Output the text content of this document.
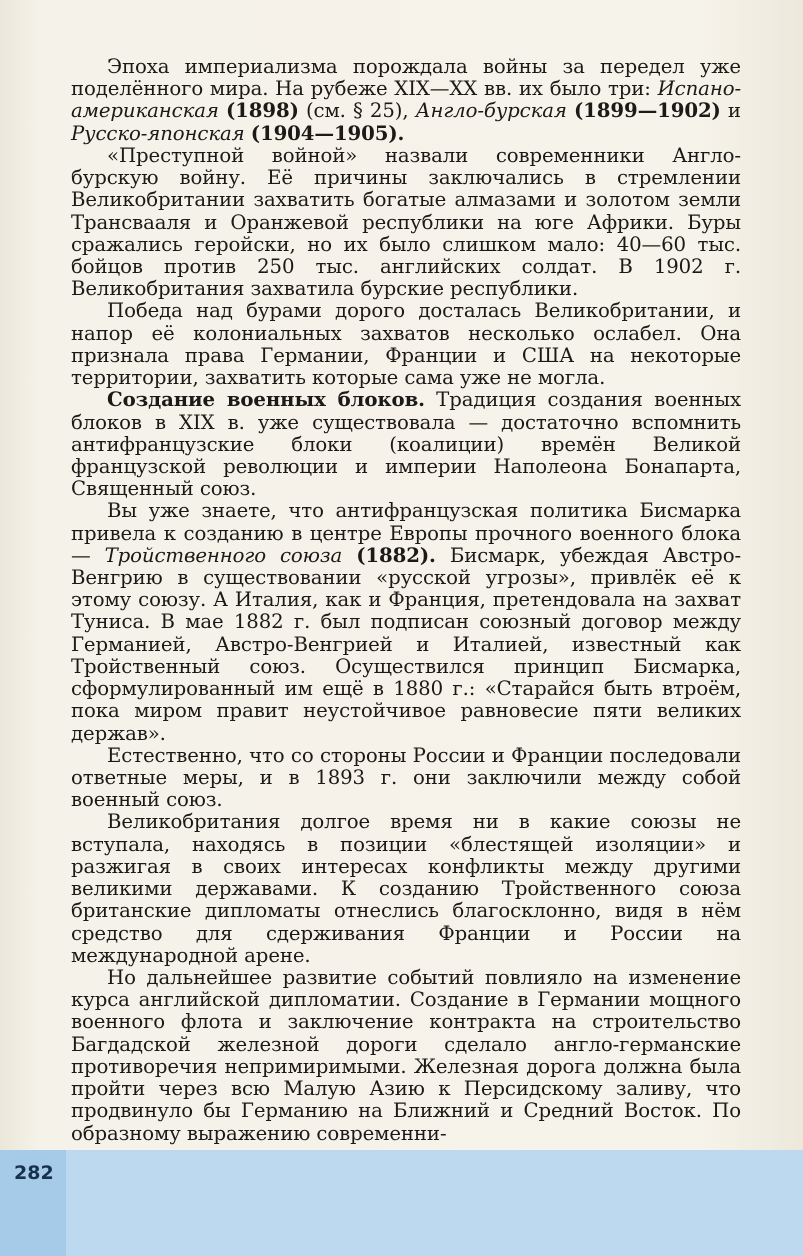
Эпоха империализма порождала войны за передел уже поделённого мира. На рубеже XIX—XX вв. их было три: Испано-американская (1898) (см. § 25), Англо-бурская (1899—1902) и Русско-японская (1904—1905).

«Преступной войной» назвали современники Англо-бурскую войну. Её причины заключались в стремлении Великобритании захватить богатые алмазами и золотом земли Трансвааля и Оранжевой республики на юге Африки. Буры сражались геройски, но их было слишком мало: 40—60 тыс. бойцов против 250 тыс. английских солдат. В 1902 г. Великобритания захватила бурские республики.

Победа над бурами дорого досталась Великобритании, и напор её колониальных захватов несколько ослабел. Она признала права Германии, Франции и США на некоторые территории, захватить которые сама уже не могла.

Создание военных блоков. Традиция создания военных блоков в XIX в. уже существовала — достаточно вспомнить антифранцузские блоки (коалиции) времён Великой французской революции и империи Наполеона Бонапарта, Священный союз.

Вы уже знаете, что антифранцузская политика Бисмарка привела к созданию в центре Европы прочного военного блока — Тройственного союза (1882). Бисмарк, убеждая Австро-Венгрию в существовании «русской угрозы», привлёк её к этому союзу. А Италия, как и Франция, претендовала на захват Туниса. В мае 1882 г. был подписан союзный договор между Германией, Австро-Венгрией и Италией, известный как Тройственный союз. Осуществился принцип Бисмарка, сформулированный им ещё в 1880 г.: «Старайся быть втроём, пока миром правит неустойчивое равновесие пяти великих держав».

Естественно, что со стороны России и Франции последовали ответные меры, и в 1893 г. они заключили между собой военный союз.

Великобритания долгое время ни в какие союзы не вступала, находясь в позиции «блестящей изоляции» и разжигая в своих интересах конфликты между другими великими державами. К созданию Тройственного союза британские дипломаты отнеслись благосклонно, видя в нём средство для сдерживания Франции и России на международной арене.

Но дальнейшее развитие событий повлияло на изменение курса английской дипломатии. Создание в Германии мощного военного флота и заключение контракта на строительство Багдадской железной дороги сделало англо-германские противоречия непримиримыми. Железная дорога должна была пройти через всю Малую Азию к Персидскому заливу, что продвинуло бы Германию на Ближний и Средний Восток. По образному выражению современни-

282
